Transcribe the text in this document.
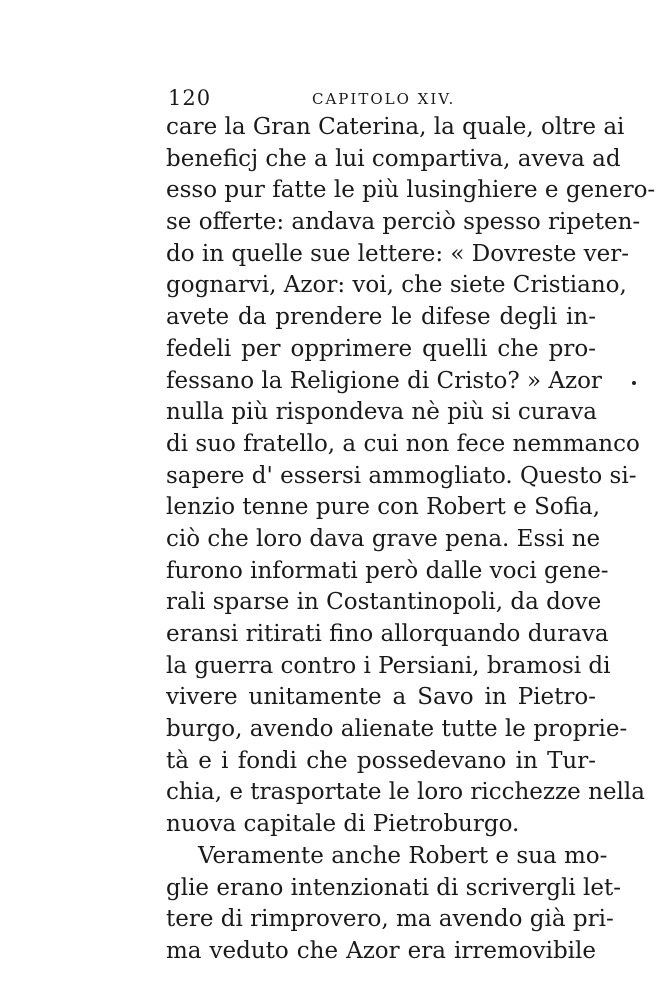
120	CAPITOLO XIV.
care la Gran Caterina, la quale, oltre ai
beneficj che a lui compartiva, aveva ad
esso pur fatte le più lusinghiere e genero-
se offerte: andava perciò spesso ripeten-
do in quelle sue lettere: « Dovreste ver-
gognarvi, Azor: voi, che siete Cristiano,
avete da prendere le difese degli in-
fedeli per opprimere quelli che pro-
fessano la Religione di Cristo? » Azor
nulla più rispondeva nè più si curava
di suo fratello, a cui non fece nemmanco
sapere d' essersi ammogliato. Questo si-
lenzio tenne pure con Robert e Sofia,
ciò che loro dava grave pena. Essi ne
furono informati però dalle voci gene-
rali sparse in Costantinopoli, da dove
eransi ritirati fino allorquando durava
la guerra contro i Persiani, bramosi di
vivere unitamente a Savo in Pietro-
burgo, avendo alienate tutte le proprie-
tà e i fondi che possedevano in Tur-
chia, e trasportate le loro ricchezze nella
nuova capitale di Pietroburgo.
Veramente anche Robert e sua mo-
glie erano intenzionati di scrivergli let-
tere di rimprovero, ma avendo già pri-
ma veduto che Azor era irremovibile
